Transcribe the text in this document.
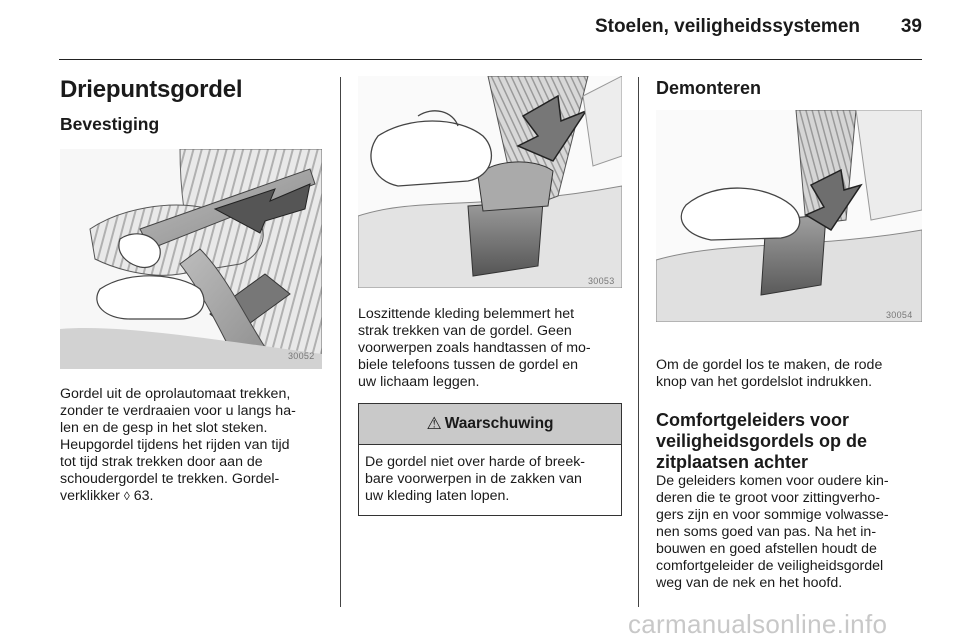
Stoelen, veiligheidssystemen	39
Driepuntsgordel
Bevestiging
30052

Gordel uit de oprolautomaat trekken,

zonder te verdraaien voor u langs ha-

len en de gesp in het slot steken.

Heupgordel tijdens het rijden van tijd

tot tijd strak trekken door aan de

schoudergordel te trekken. Gordel-

verklikker ◊ 63.

30053

Loszittende kleding belemmert het

strak trekken van de gordel. Geen

voorwerpen zoals handtassen of mo-

biele telefoons tussen de gordel en

uw lichaam leggen.

⚠ Waarschuwing

De gordel niet over harde of breek-

bare voorwerpen in de zakken van

uw kleding laten lopen.

Demonteren
30054

Om de gordel los te maken, de rode

knop van het gordelslot indrukken.

Comfortgeleiders voor
veiligheidsgordels op de
zitplaatsen achter

De geleiders komen voor oudere kin-

deren die te groot voor zittingverho-

gers zijn en voor sommige volwasse-

nen soms goed van pas. Na het in-

bouwen en goed afstellen houdt de

comfortgeleider de veiligheidsgordel

weg van de nek en het hoofd.

carmanualsonline.info
